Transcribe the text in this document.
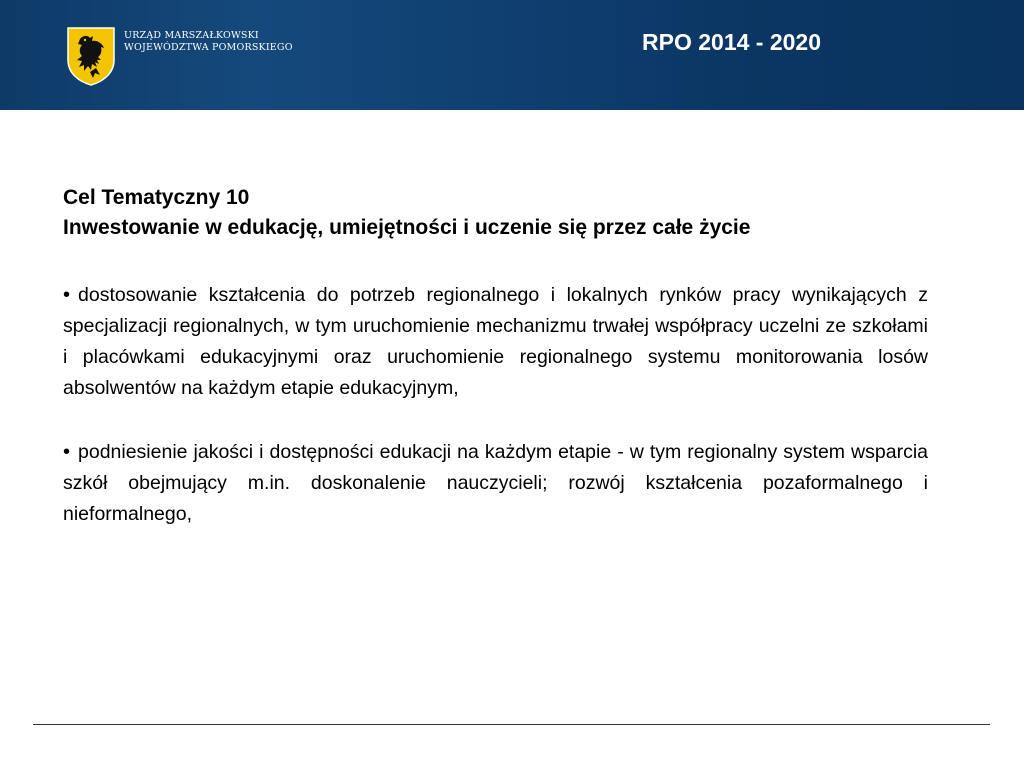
URZĄD MARSZAŁKOWSKI
WOJEWÓDZTWA POMORSKIEGO	RPO 2014 - 2020
Cel Tematyczny 10
Inwestowanie w edukację, umiejętności i uczenie się przez całe życie
• dostosowanie kształcenia do potrzeb regionalnego i lokalnych rynków pracy wynikających z specjalizacji regionalnych, w tym uruchomienie mechanizmu trwałej współpracy uczelni ze szkołami i placówkami edukacyjnymi oraz uruchomienie regionalnego systemu monitorowania losów absolwentów na każdym etapie edukacyjnym,
• podniesienie jakości i dostępności edukacji na każdym etapie - w tym regionalny system wsparcia szkół obejmujący m.in. doskonalenie nauczycieli; rozwój kształcenia pozaformalnego i nieformalnego,
